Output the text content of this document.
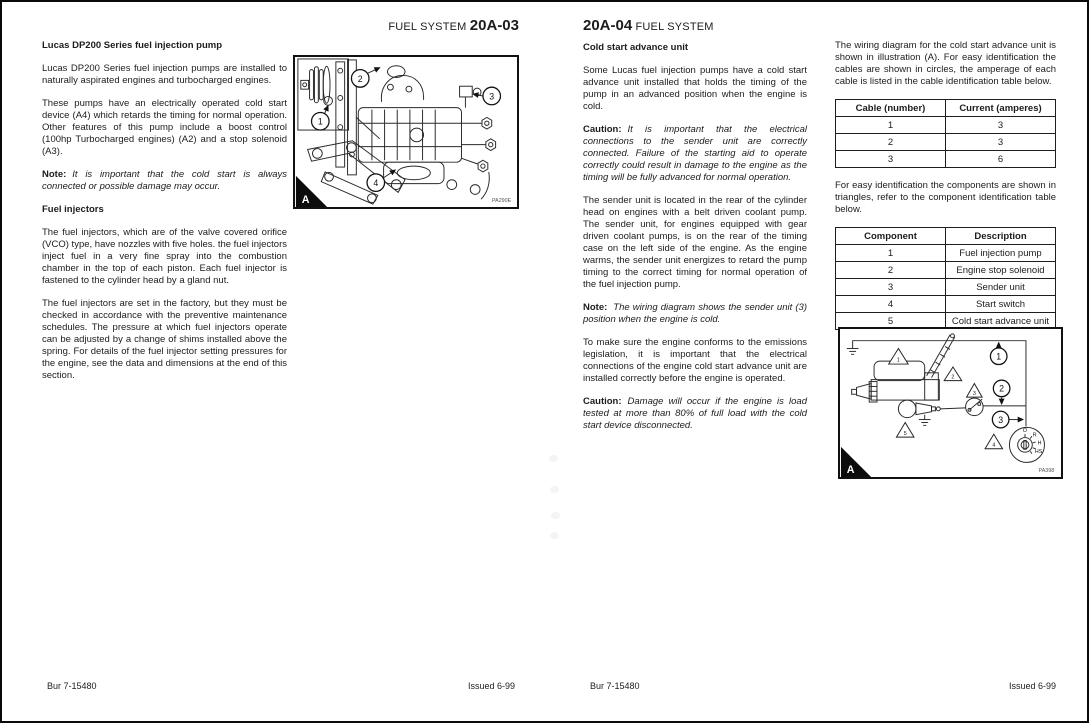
FUEL SYSTEM 20A-03
Lucas DP200 Series fuel injection pump

Lucas DP200 Series fuel injection pumps are installed to naturally aspirated engines and turbocharged engines.

These pumps have an electrically operated cold start device (A4) which retards the timing for normal operation. Other features of this pump include a boost control (100hp Turbocharged engines) (A2) and a stop solenoid (A3).

Note: It is important that the cold start is always connected or possible damage may occur.

Fuel injectors

The fuel injectors, which are of the valve covered orifice (VCO) type, have nozzles with five holes. the fuel injectors inject fuel in a very fine spray into the combustion chamber in the top of each piston. Each fuel injector is fastened to the cylinder head by a gland nut.

The fuel injectors are set in the factory, but they must be checked in accordance with the preventive maintenance schedules. The pressure at which fuel injectors operate can be adjusted by a change of shims installed above the spring. For details of the fuel injector setting pressures for the engine, see the data and dimensions at the end of this section.

1
2
3
4
A	PA290E
Bur 7-15480	Issued 6-99
20A-04 FUEL SYSTEM
Cold start advance unit

Some Lucas fuel injection pumps have a cold start advance unit installed that holds the timing of the pump in an advanced position when the engine is cold.

Caution: It is important that the electrical connections to the sender unit are correctly connected. Failure of the starting aid to operate correctly could result in damage to the engine as the timing will be fully advanced for normal operation.

The sender unit is located in the rear of the cylinder head on engines with a belt driven coolant pump. The sender unit, for engines equipped with gear driven coolant pumps, is on the rear of the timing case on the left side of the engine. As the engine warms, the sender unit energizes to retard the pump timing to the correct timing for normal operation of the fuel injection pump.

Note: The wiring diagram shows the sender unit (3) position when the engine is cold.

To make sure the engine conforms to the emissions legislation, it is important that the electrical connections of the engine cold start advance unit are installed correctly before the engine is operated.

Caution: Damage will occur if the engine is load tested at more than 80% of full load with the cold start device disconnected.

The wiring diagram for the cold start advance unit is shown in illustration (A). For easy identification the cables are shown in circles, the amperage of each cable is listed in the cable identification table below.

Cable (number)	Current (amperes)
1	3
2	3
3	6

For easy identification the components are shown in triangles, refer to the component identification table below.

Component	Description
1	Fuel injection pump
2	Engine stop solenoid
3	Sender unit
4	Start switch
5	Cold start advance unit
1
2
3
4
5
1
2
3
O
R
H
HS
A	PA398
Bur 7-15480	Issued 6-99
